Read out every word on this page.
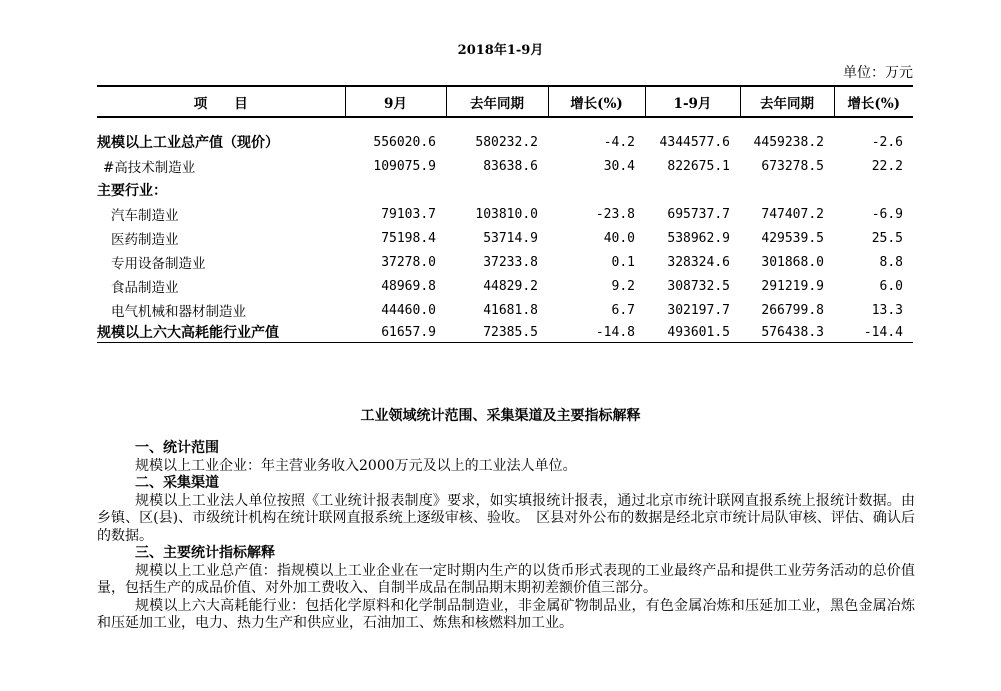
2018年1-9月
单位：万元
项　　目	9月	去年同期	增长(%)	1-9月	去年同期	增长(%)

规模以上工业总产值（现价）	556020.6	580232.2	-4.2	4344577.6	4459238.2	-2.6
#高技术制造业	109075.9	83638.6	30.4	822675.1	673278.5	22.2
主要行业：						
汽车制造业	79103.7	103810.0	-23.8	695737.7	747407.2	-6.9
医药制造业	75198.4	53714.9	40.0	538962.9	429539.5	25.5
专用设备制造业	37278.0	37233.8	0.1	328324.6	301868.0	8.8
食品制造业	48969.8	44829.2	9.2	308732.5	291219.9	6.0
电气机械和器材制造业	44460.0	41681.8	6.7	302197.7	266799.8	13.3
规模以上六大高耗能行业产值	61657.9	72385.5	-14.8	493601.5	576438.3	-14.4
工业领域统计范围、采集渠道及主要指标解释
一、统计范围
规模以上工业企业：年主营业务收入2000万元及以上的工业法人单位。
二、采集渠道
规模以上工业法人单位按照《工业统计报表制度》要求，如实填报统计报表，通过北京市统计联网直报系统上报统计数据。由乡镇、区(县)、市级统计机构在统计联网直报系统上逐级审核、验收。　区县对外公布的数据是经北京市统计局队审核、评估、确认后的数据。
三、主要统计指标解释
规模以上工业总产值：指规模以上工业企业在一定时期内生产的以货币形式表现的工业最终产品和提供工业劳务活动的总价值量，包括生产的成品价值、对外加工费收入、自制半成品在制品期末期初差额价值三部分。
规模以上六大高耗能行业：包括化学原料和化学制品制造业，非金属矿物制品业，有色金属冶炼和压延加工业，黑色金属冶炼和压延加工业，电力、热力生产和供应业，石油加工、炼焦和核燃料加工业。
